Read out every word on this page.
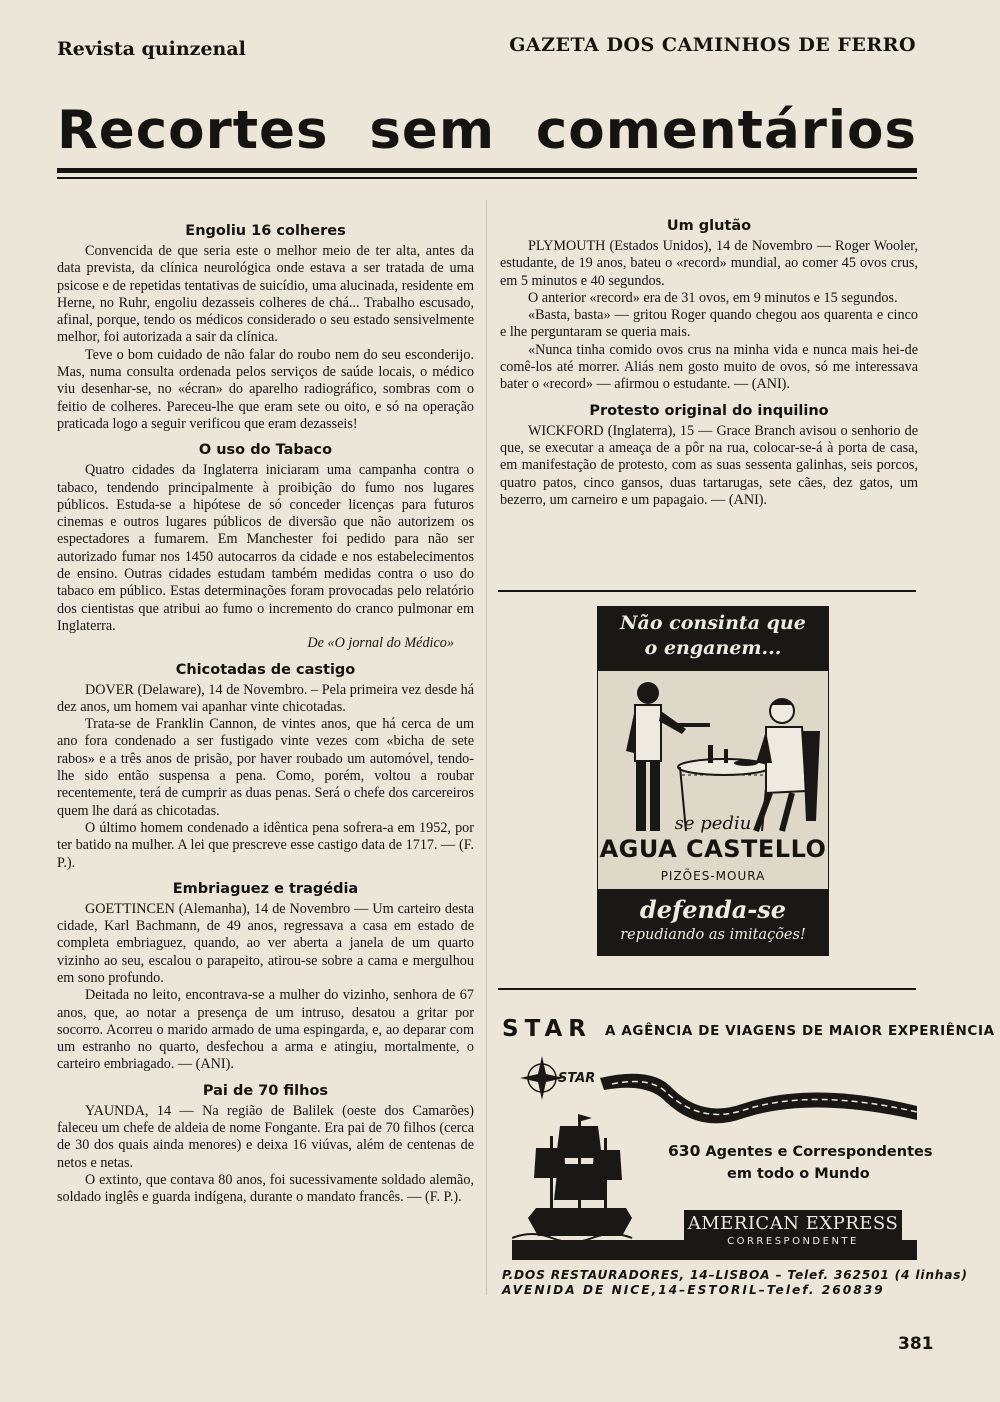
Revista quinzenal	GAZETA DOS CAMINHOS DE FERRO
Recortes sem comentários
Engoliu 16 colheres

Convencida de que seria este o melhor meio de ter alta, antes da data prevista, da clínica neurológica onde estava a ser tratada de uma psicose e de repetidas tentativas de suicídio, uma alucinada, residente em Herne, no Ruhr, engoliu dezasseis colheres de chá... Trabalho escusado, afinal, porque, tendo os médicos considerado o seu estado sensivelmente melhor, foi autorizada a sair da clínica.

Teve o bom cuidado de não falar do roubo nem do seu esconderijo. Mas, numa consulta ordenada pelos serviços de saúde locais, o médico viu desenhar-se, no «écran» do aparelho radiográfico, sombras com o feitio de colheres. Pareceu-lhe que eram sete ou oito, e só na operação praticada logo a seguir verificou que eram dezasseis!

O uso do Tabaco

Quatro cidades da Inglaterra iniciaram uma campanha contra o tabaco, tendendo principalmente à proibição do fumo nos lugares públicos. Estuda-se a hipótese de só conceder licenças para futuros cinemas e outros lugares públicos de diversão que não autorizem os espectadores a fumarem. Em Manchester foi pedido para não ser autorizado fumar nos 1450 autocarros da cidade e nos estabelecimentos de ensino. Outras cidades estudam também medidas contra o uso do tabaco em público. Estas determinações foram provocadas pelo relatório dos cientistas que atribui ao fumo o incremento do cranco pulmonar em Inglaterra.

De «O jornal do Médico»

Chicotadas de castigo

DOVER (Delaware), 14 de Novembro. – Pela primeira vez desde há dez anos, um homem vai apanhar vinte chicotadas.

Trata-se de Franklin Cannon, de vintes anos, que há cerca de um ano fora condenado a ser fustigado vinte vezes com «bicha de sete rabos» e a três anos de prisão, por haver roubado um automóvel, tendo-lhe sido então suspensa a pena. Como, porém, voltou a roubar recentemente, terá de cumprir as duas penas. Será o chefe dos carcereiros quem lhe dará as chicotadas.

O último homem condenado a idêntica pena sofrera-a em 1952, por ter batido na mulher. A lei que prescreve esse castigo data de 1717. — (F. P.).

Embriaguez e tragédia

GOETTINCEN (Alemanha), 14 de Novembro — Um carteiro desta cidade, Karl Bachmann, de 49 anos, regressava a casa em estado de completa embriaguez, quando, ao ver aberta a janela de um quarto vizinho ao seu, escalou o parapeito, atirou-se sobre a cama e mergulhou em sono profundo.

Deitada no leito, encontrava-se a mulher do vizinho, senhora de 67 anos, que, ao notar a presença de um intruso, desatou a gritar por socorro. Acorreu o marido armado de uma espingarda, e, ao deparar com um estranho no quarto, desfechou a arma e atingiu, mortalmente, o carteiro embriagado. — (ANI).

Pai de 70 filhos

YAUNDA, 14 — Na região de Balilek (oeste dos Camarões) faleceu um chefe de aldeia de nome Fongante. Era pai de 70 filhos (cerca de 30 dos quais ainda menores) e deixa 16 viúvas, além de centenas de netos e netas.

O extinto, que contava 80 anos, foi sucessivamente soldado alemão, soldado inglês e guarda indígena, durante o mandato francês. — (F. P.).

Um glutão

PLYMOUTH (Estados Unidos), 14 de Novembro — Roger Wooler, estudante, de 19 anos, bateu o «record» mundial, ao comer 45 ovos crus, em 5 minutos e 40 segundos.

O anterior «record» era de 31 ovos, em 9 minutos e 15 segundos.

«Basta, basta» — gritou Roger quando chegou aos quarenta e cinco e lhe perguntaram se queria mais.

«Nunca tinha comido ovos crus na minha vida e nunca mais hei-de comê-los até morrer. Aliás nem gosto muito de ovos, só me interessava bater o «record» — afirmou o estudante. — (ANI).

Protesto original do inquilino

WICKFORD (Inglaterra), 15 — Grace Branch avisou o senhorio de que, se executar a ameaça de a pôr na rua, colocar-se-á à porta de casa, em manifestação de protesto, com as suas sessenta galinhas, seis porcos, quatro patos, cinco gansos, duas tartarugas, sete cães, dez gatos, um bezerro, um carneiro e um papagaio. — (ANI).

Não consinta que
o enganem...
se pediu
AGUA CASTELLO
PIZÕES-MOURA
defenda-se
repudiando as imitações!
STAR A AGÊNCIA DE VIAGENS DE MAIOR EXPERIÊNCIA
STAR
630 Agentes e Correspondentes
em todo o Mundo
AMERICAN EXPRESS
CORRESPONDENTE
P.DOS RESTAURADORES, 14–LISBOA – Telef. 362501 (4 linhas)
AVENIDA DE NICE,14–ESTORIL–Telef. 260839
381
